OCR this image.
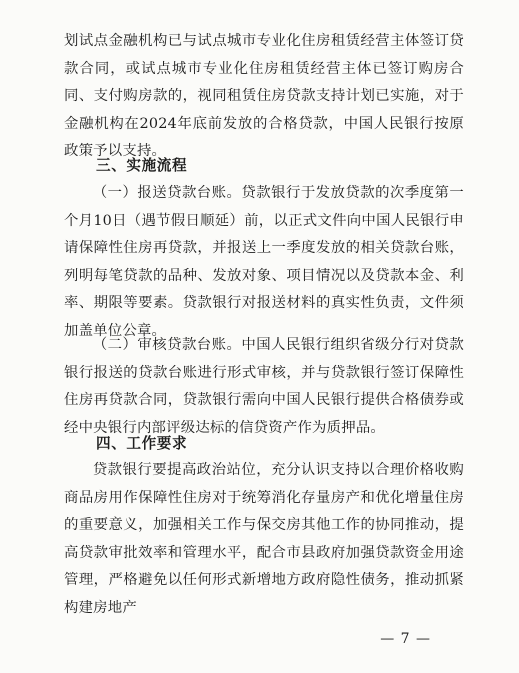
划试点金融机构已与试点城市专业化住房租赁经营主体签订贷款合同，或试点城市专业化住房租赁经营主体已签订购房合同、支付购房款的，视同租赁住房贷款支持计划已实施，对于金融机构在2024年底前发放的合格贷款，中国人民银行按原政策予以支持。
三、实施流程
（一）报送贷款台账。贷款银行于发放贷款的次季度第一个月10日（遇节假日顺延）前，以正式文件向中国人民银行申请保障性住房再贷款，并报送上一季度发放的相关贷款台账，列明每笔贷款的品种、发放对象、项目情况以及贷款本金、利率、期限等要素。贷款银行对报送材料的真实性负责，文件须加盖单位公章。
（二）审核贷款台账。中国人民银行组织省级分行对贷款银行报送的贷款台账进行形式审核，并与贷款银行签订保障性住房再贷款合同，贷款银行需向中国人民银行提供合格债券或经中央银行内部评级达标的信贷资产作为质押品。
四、工作要求
贷款银行要提高政治站位，充分认识支持以合理价格收购商品房用作保障性住房对于统筹消化存量房产和优化增量住房的重要意义，加强相关工作与保交房其他工作的协同推动，提高贷款审批效率和管理水平，配合市县政府加强贷款资金用途管理，严格避免以任何形式新增地方政府隐性债务，推动抓紧构建房地产
— 7 —
